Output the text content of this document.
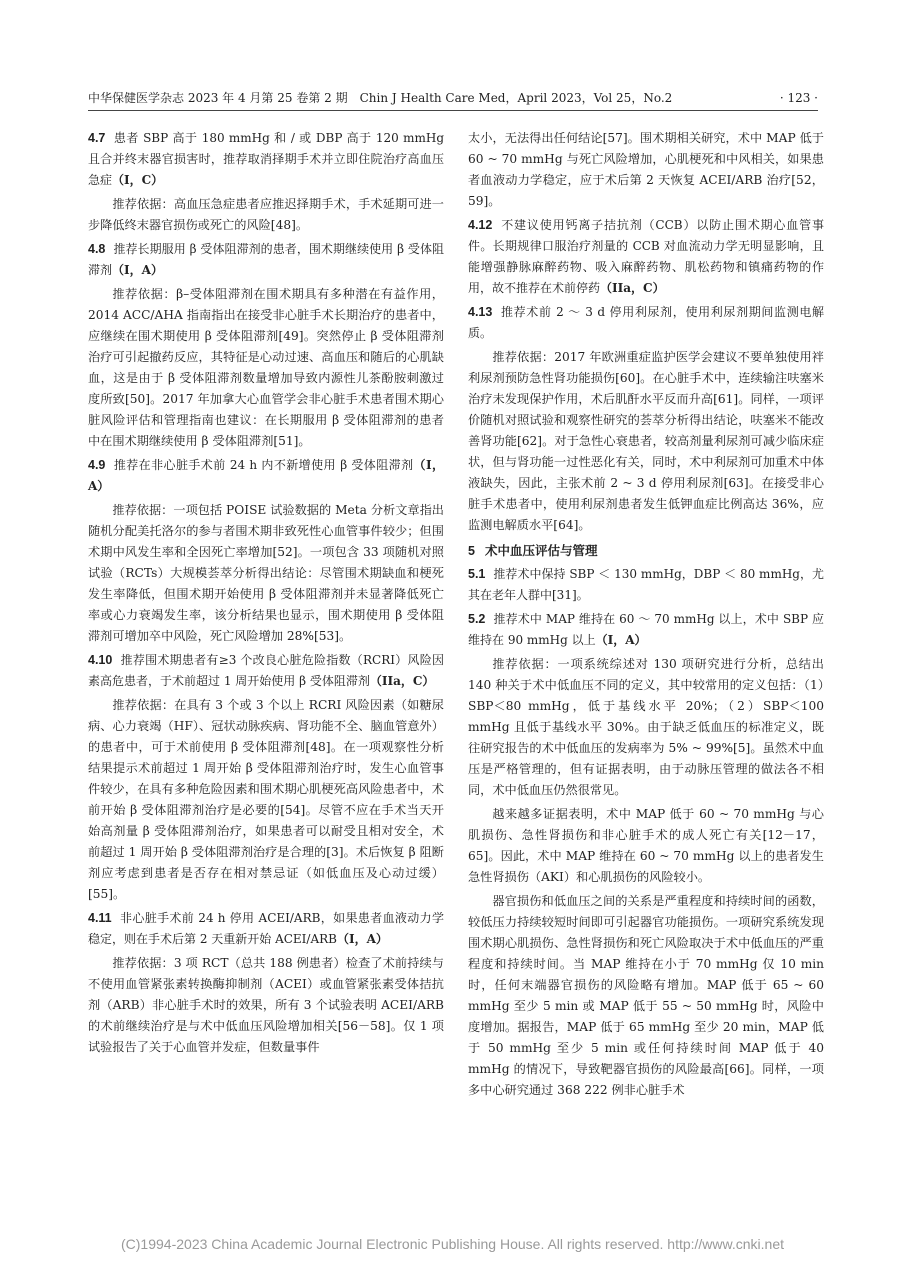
中华保健医学杂志 2023 年 4 月第 25 卷第 2 期　Chin J Health Care Med，April 2023，Vol 25，No.2	· 123 ·

4.7 患者 SBP 高于 180 mmHg 和 / 或 DBP 高于 120 mmHg 且合并终末器官损害时，推荐取消择期手术并立即住院治疗高血压急症（I，C）

推荐依据：高血压急症患者应推迟择期手术，手术延期可进一步降低终末器官损伤或死亡的风险[48]。

4.8 推荐长期服用 β 受体阻滞剂的患者，围术期继续使用 β 受体阻滞剂（I，A）

推荐依据：β–受体阻滞剂在围术期具有多种潜在有益作用，2014 ACC/AHA 指南指出在接受非心脏手术长期治疗的患者中，应继续在围术期使用 β 受体阻滞剂[49]。突然停止 β 受体阻滞剂治疗可引起撤药反应，其特征是心动过速、高血压和随后的心肌缺血，这是由于 β 受体阻滞剂数量增加导致内源性儿茶酚胺刺激过度所致[50]。2017 年加拿大心血管学会非心脏手术患者围术期心脏风险评估和管理指南也建议：在长期服用 β 受体阻滞剂的患者中在围术期继续使用 β 受体阻滞剂[51]。

4.9 推荐在非心脏手术前 24 h 内不新增使用 β 受体阻滞剂（I，A）

推荐依据：一项包括 POISE 试验数据的 Meta 分析文章指出随机分配美托洛尔的参与者围术期非致死性心血管事件较少；但围术期中风发生率和全因死亡率增加[52]。一项包含 33 项随机对照试验（RCTs）大规模荟萃分析得出结论：尽管围术期缺血和梗死发生率降低，但围术期开始使用 β 受体阻滞剂并未显著降低死亡率或心力衰竭发生率，该分析结果也显示，围术期使用 β 受体阻滞剂可增加卒中风险，死亡风险增加 28%[53]。

4.10 推荐围术期患者有≥3 个改良心脏危险指数（RCRI）风险因素高危患者，于术前超过 1 周开始使用 β 受体阻滞剂（IIa，C）

推荐依据：在具有 3 个或 3 个以上 RCRI 风险因素（如糖尿病、心力衰竭（HF）、冠状动脉疾病、肾功能不全、脑血管意外）的患者中，可于术前使用 β 受体阻滞剂[48]。在一项观察性分析结果提示术前超过 1 周开始 β 受体阻滞剂治疗时，发生心血管事件较少，在具有多种危险因素和围术期心肌梗死高风险患者中，术前开始 β 受体阻滞剂治疗是必要的[54]。尽管不应在手术当天开始高剂量 β 受体阻滞剂治疗，如果患者可以耐受且相对安全，术前超过 1 周开始 β 受体阻滞剂治疗是合理的[3]。术后恢复 β 阻断剂应考虑到患者是否存在相对禁忌证（如低血压及心动过缓）[55]。

4.11 非心脏手术前 24 h 停用 ACEI/ARB，如果患者血液动力学稳定，则在手术后第 2 天重新开始 ACEI/ARB（I，A）

推荐依据：3 项 RCT（总共 188 例患者）检查了术前持续与不使用血管紧张素转换酶抑制剂（ACEI）或血管紧张素受体拮抗剂（ARB）非心脏手术时的效果，所有 3 个试验表明 ACEI/ARB 的术前继续治疗是与术中低血压风险增加相关[56－58]。仅 1 项试验报告了关于心血管并发症，但数量事件

太小，无法得出任何结论[57]。围术期相关研究，术中 MAP 低于 60 ~ 70 mmHg 与死亡风险增加，心肌梗死和中风相关，如果患者血液动力学稳定，应于术后第 2 天恢复 ACEI/ARB 治疗[52，59]。

4.12 不建议使用钙离子拮抗剂（CCB）以防止围术期心血管事件。长期规律口服治疗剂量的 CCB 对血流动力学无明显影响，且能增强静脉麻醉药物、吸入麻醉药物、肌松药物和镇痛药物的作用，故不推荐在术前停药（IIa，C）

4.13 推荐术前 2 ～ 3 d 停用利尿剂，使用利尿剂期间监测电解质。

推荐依据：2017 年欧洲重症监护医学会建议不要单独使用袢利尿剂预防急性肾功能损伤[60]。在心脏手术中，连续输注呋塞米治疗未发现保护作用，术后肌酐水平反而升高[61]。同样，一项评价随机对照试验和观察性研究的荟萃分析得出结论，呋塞米不能改善肾功能[62]。对于急性心衰患者，较高剂量利尿剂可减少临床症状，但与肾功能一过性恶化有关，同时，术中利尿剂可加重术中体液缺失，因此，主张术前 2 ~ 3 d 停用利尿剂[63]。在接受非心脏手术患者中，使用利尿剂患者发生低钾血症比例高达 36%，应监测电解质水平[64]。

5 术中血压评估与管理

5.1 推荐术中保持 SBP ＜ 130 mmHg，DBP ＜ 80 mmHg，尤其在老年人群中[31]。

5.2 推荐术中 MAP 维持在 60 ～ 70 mmHg 以上，术中 SBP 应维持在 90 mmHg 以上（I，A）

推荐依据：一项系统综述对 130 项研究进行分析，总结出 140 种关于术中低血压不同的定义，其中较常用的定义包括：（1）SBP＜80 mmHg，低于基线水平 20%；（2）SBP＜100 mmHg 且低于基线水平 30%。由于缺乏低血压的标准定义，既往研究报告的术中低血压的发病率为 5% ~ 99%[5]。虽然术中血压是严格管理的，但有证据表明，由于动脉压管理的做法各不相同，术中低血压仍然很常见。

越来越多证据表明，术中 MAP 低于 60 ~ 70 mmHg 与心肌损伤、急性肾损伤和非心脏手术的成人死亡有关[12－17，65]。因此，术中 MAP 维持在 60 ~ 70 mmHg 以上的患者发生急性肾损伤（AKI）和心肌损伤的风险较小。

器官损伤和低血压之间的关系是严重程度和持续时间的函数，较低压力持续较短时间即可引起器官功能损伤。一项研究系统发现围术期心肌损伤、急性肾损伤和死亡风险取决于术中低血压的严重程度和持续时间。当 MAP 维持在小于 70 mmHg 仅 10 min 时，任何末端器官损伤的风险略有增加。MAP 低于 65 ~ 60 mmHg 至少 5 min 或 MAP 低于 55 ~ 50 mmHg 时，风险中度增加。据报告，MAP 低于 65 mmHg 至少 20 min，MAP 低于 50 mmHg 至少 5 min 或任何持续时间 MAP 低于 40 mmHg 的情况下，导致靶器官损伤的风险最高[66]。同样，一项多中心研究通过 368 222 例非心脏手术

(C)1994-2023 China Academic Journal Electronic Publishing House. All rights reserved. http://www.cnki.net
